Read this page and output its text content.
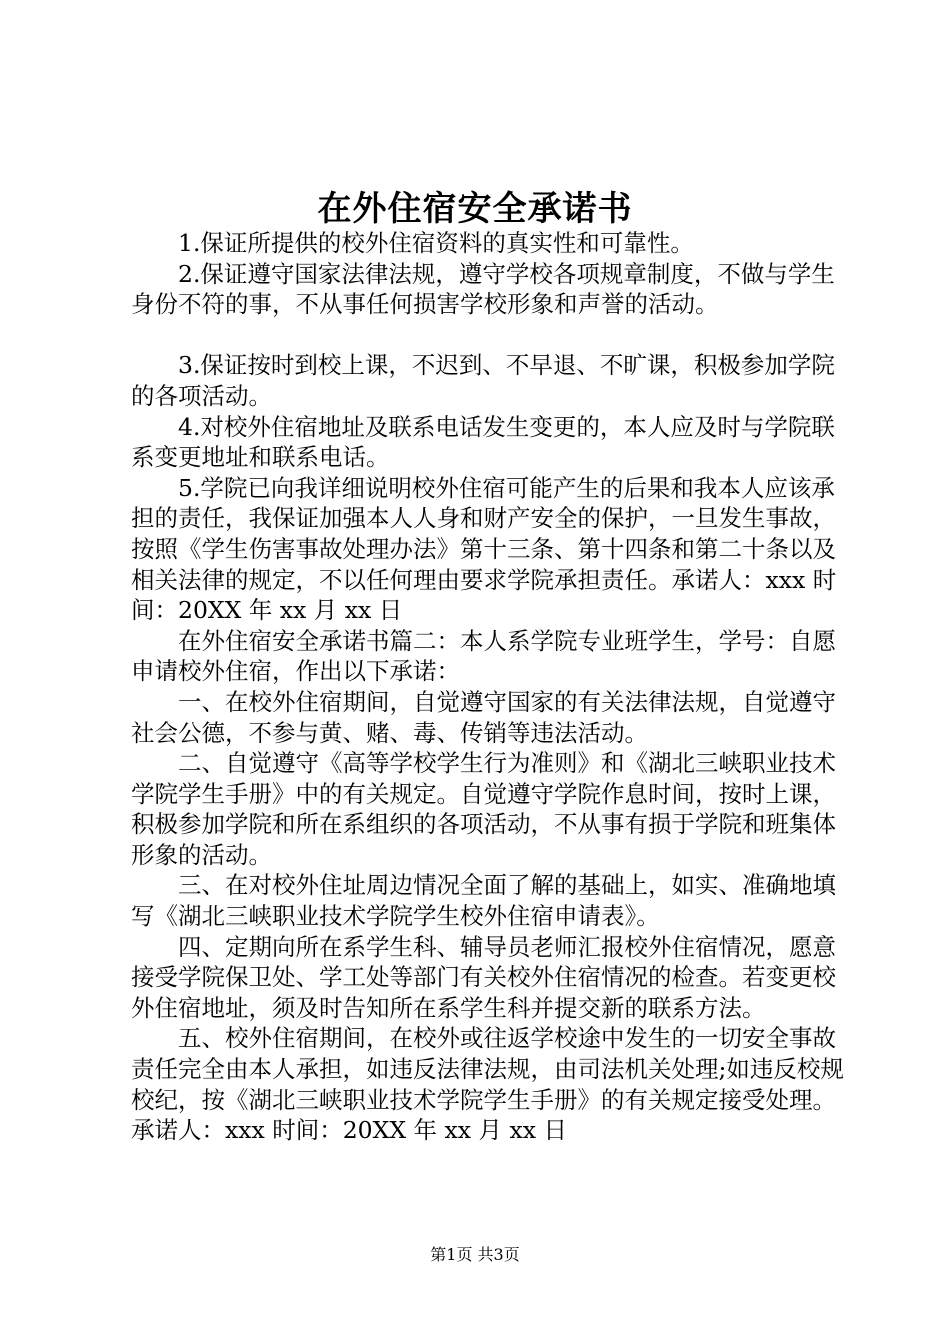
在外住宿安全承诺书

1.保证所提供的校外住宿资料的真实性和可靠性。

2.保证遵守国家法律法规，遵守学校各项规章制度，不做与学生身份不符的事，不从事任何损害学校形象和声誉的活动。

3.保证按时到校上课，不迟到、不早退、不旷课，积极参加学院的各项活动。

4.对校外住宿地址及联系电话发生变更的，本人应及时与学院联系变更地址和联系电话。

5.学院已向我详细说明校外住宿可能产生的后果和我本人应该承担的责任，我保证加强本人人身和财产安全的保护，一旦发生事故，按照《学生伤害事故处理办法》第十三条、第十四条和第二十条以及相关法律的规定，不以任何理由要求学院承担责任。承诺人：xxx 时间：20XX 年 xx 月 xx 日

在外住宿安全承诺书篇二：本人系学院专业班学生，学号：自愿申请校外住宿，作出以下承诺：

一、在校外住宿期间，自觉遵守国家的有关法律法规，自觉遵守社会公德，不参与黄、赌、毒、传销等违法活动。

二、自觉遵守《高等学校学生行为准则》和《湖北三峡职业技术学院学生手册》中的有关规定。自觉遵守学院作息时间，按时上课，积极参加学院和所在系组织的各项活动，不从事有损于学院和班集体形象的活动。

三、在对校外住址周边情况全面了解的基础上，如实、准确地填写《湖北三峡职业技术学院学生校外住宿申请表》。

四、定期向所在系学生科、辅导员老师汇报校外住宿情况，愿意接受学院保卫处、学工处等部门有关校外住宿情况的检查。若变更校外住宿地址，须及时告知所在系学生科并提交新的联系方法。

五、校外住宿期间，在校外或往返学校途中发生的一切安全事故责任完全由本人承担，如违反法律法规，由司法机关处理;如违反校规校纪，按《湖北三峡职业技术学院学生手册》的有关规定接受处理。承诺人：xxx 时间：20XX 年 xx 月 xx 日

第1页 共3页
